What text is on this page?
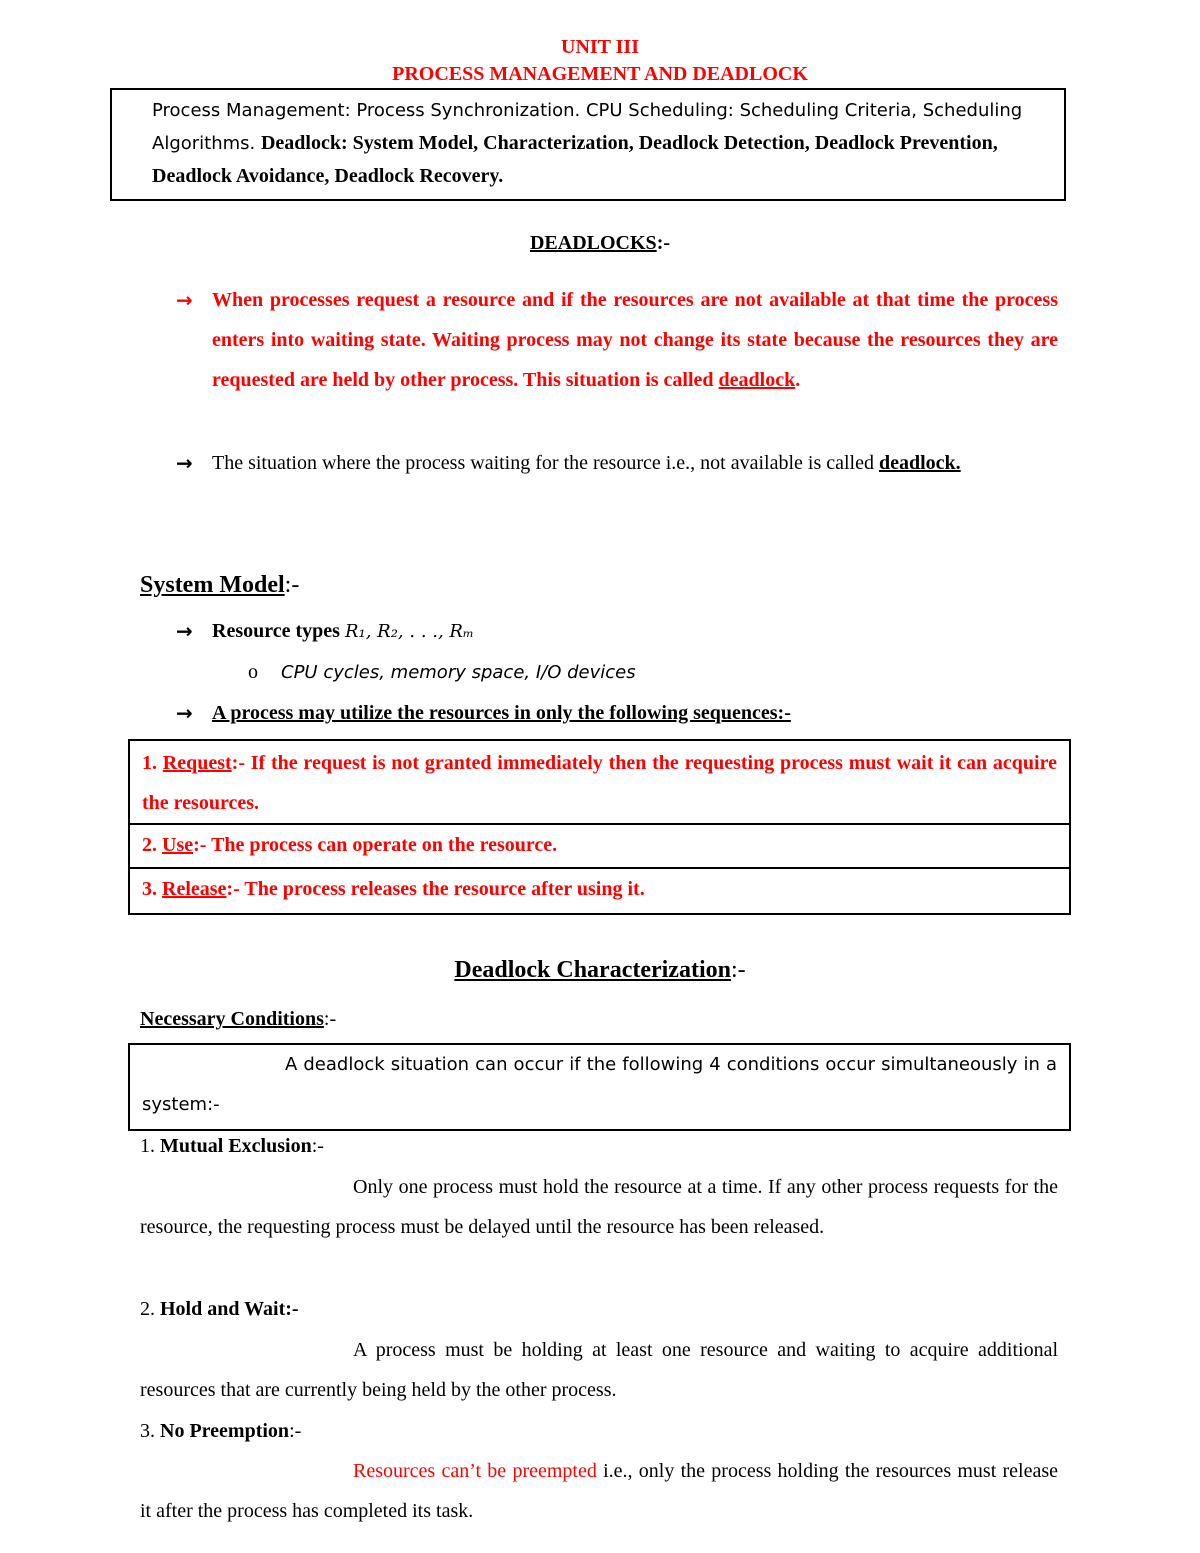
UNIT III
PROCESS MANAGEMENT AND DEADLOCK
Process Management: Process Synchronization. CPU Scheduling: Scheduling Criteria, Scheduling Algorithms. Deadlock: System Model, Characterization, Deadlock Detection, Deadlock Prevention, Deadlock Avoidance, Deadlock Recovery.
DEADLOCKS:-
→ When processes request a resource and if the resources are not available at that time the process enters into waiting state. Waiting process may not change its state because the resources they are requested are held by other process. This situation is called deadlock.
→ The situation where the process waiting for the resource i.e., not available is called deadlock.
System Model:-
→ Resource types R₁, R₂, . . ., Rₘ
o CPU cycles, memory space, I/O devices
→ A process may utilize the resources in only the following sequences:-
1. Request:- If the request is not granted immediately then the requesting process must wait it can acquire the resources.
2. Use:- The process can operate on the resource.
3. Release:- The process releases the resource after using it.
Deadlock Characterization:-
Necessary Conditions:-
A deadlock situation can occur if the following 4 conditions occur simultaneously in a system:-
1. Mutual Exclusion:-
Only one process must hold the resource at a time. If any other process requests for the resource, the requesting process must be delayed until the resource has been released.
2. Hold and Wait:-
A process must be holding at least one resource and waiting to acquire additional resources that are currently being held by the other process.
3. No Preemption:-
Resources can’t be preempted i.e., only the process holding the resources must release it after the process has completed its task.
